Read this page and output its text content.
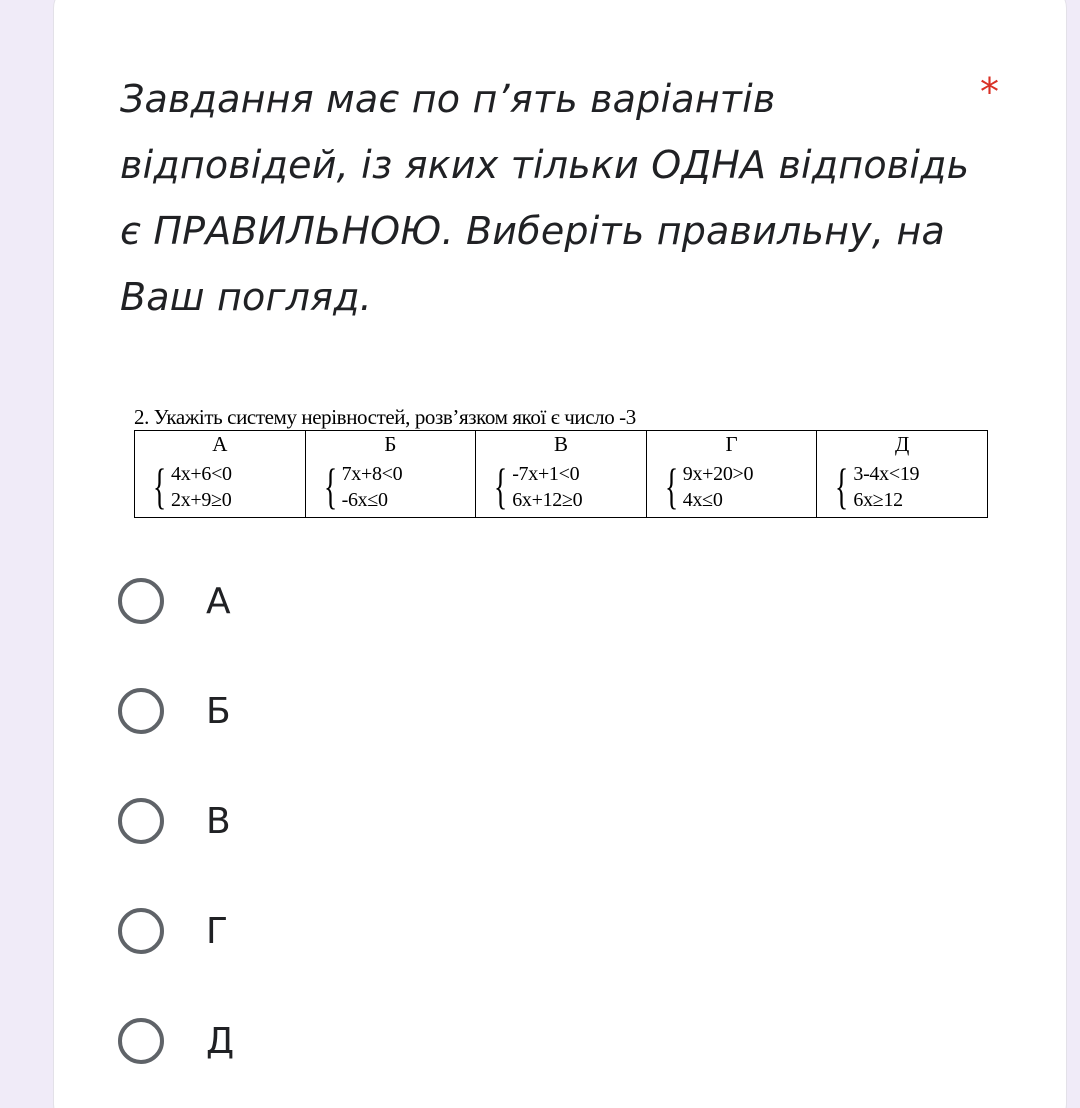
Завдання має по п’ять варіантів відповідей, із яких тільки ОДНА відповідь є ПРАВИЛЬНОЮ. Виберіть правильну, на Ваш погляд.
*
2. Укажіть систему нерівностей, розв’язком якої є число -3
А
{ 4x+6<0
2x+9≥0
Б
{ 7x+8<0
-6x≤0
В
{ -7x+1<0
6x+12≥0
Г
{ 9x+20>0
4x≤0
Д
{ 3-4x<19
6x≥12
А
Б
В
Г
Д
